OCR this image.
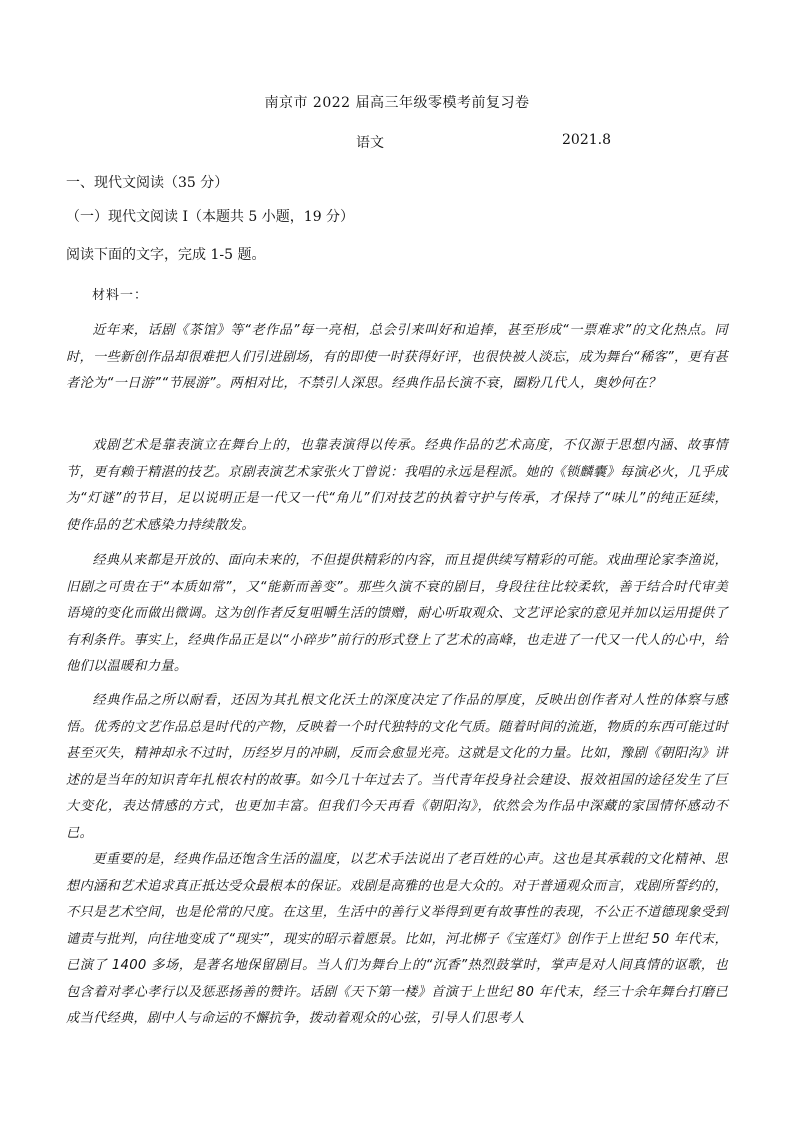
南京市 2022 届高三年级零模考前复习卷
语文	2021.8
一、现代文阅读（35 分）
（一）现代文阅读 I（本题共 5 小题，19 分）
阅读下面的文字，完成 1-5 题。
材料一：
近年来，话剧《茶馆》等“老作品”每一亮相，总会引来叫好和追捧，甚至形成“一票难求”的文化热点。同时，一些新创作品却很难把人们引进剧场，有的即使一时获得好评，也很快被人淡忘，成为舞台“稀客”，更有甚者沦为“一日游”“节展游”。两相对比，不禁引人深思。经典作品长演不衰，圈粉几代人，奥妙何在？
戏剧艺术是靠表演立在舞台上的，也靠表演得以传承。经典作品的艺术高度，不仅源于思想内涵、故事情节，更有赖于精湛的技艺。京剧表演艺术家张火丁曾说：我唱的永远是程派。她的《锁麟囊》每演必火，几乎成为“灯谜”的节目，足以说明正是一代又一代“角儿”们对技艺的执着守护与传承，才保持了“味儿”的纯正延续，使作品的艺术感染力持续散发。
经典从来都是开放的、面向未来的，不但提供精彩的内容，而且提供续写精彩的可能。戏曲理论家李渔说，旧剧之可贵在于“本质如常”，又“能新而善变”。那些久演不衰的剧目，身段往往比较柔软，善于结合时代审美语境的变化而做出微调。这为创作者反复咀嚼生活的馈赠，耐心听取观众、文艺评论家的意见并加以运用提供了有利条件。事实上，经典作品正是以“小碎步”前行的形式登上了艺术的高峰，也走进了一代又一代人的心中，给他们以温暖和力量。
经典作品之所以耐看，还因为其扎根文化沃土的深度决定了作品的厚度，反映出创作者对人性的体察与感悟。优秀的文艺作品总是时代的产物，反映着一个时代独特的文化气质。随着时间的流逝，物质的东西可能过时甚至灭失，精神却永不过时，历经岁月的冲刷，反而会愈显光亮。这就是文化的力量。比如，豫剧《朝阳沟》讲述的是当年的知识青年扎根农村的故事。如今几十年过去了。当代青年投身社会建设、报效祖国的途径发生了巨大变化，表达情感的方式，也更加丰富。但我们今天再看《朝阳沟》，依然会为作品中深藏的家国情怀感动不已。
更重要的是，经典作品还饱含生活的温度，以艺术手法说出了老百姓的心声。这也是其承载的文化精神、思想内涵和艺术追求真正抵达受众最根本的保证。戏剧是高雅的也是大众的。对于普通观众而言，戏剧所誓约的，不只是艺术空间，也是伦常的尺度。在这里，生活中的善行义举得到更有故事性的表现，不公正不道德现象受到谴责与批判，向往地变成了“现实”，现实的昭示着愿景。比如，河北梆子《宝莲灯》创作于上世纪 50 年代末，已演了 1400 多场，是著名地保留剧目。当人们为舞台上的“沉香”热烈鼓掌时，掌声是对人间真情的讴歌，也包含着对孝心孝行以及惩恶扬善的赞许。话剧《天下第一楼》首演于上世纪 80 年代末，经三十余年舞台打磨已成当代经典，剧中人与命运的不懈抗争，拨动着观众的心弦，引导人们思考人
